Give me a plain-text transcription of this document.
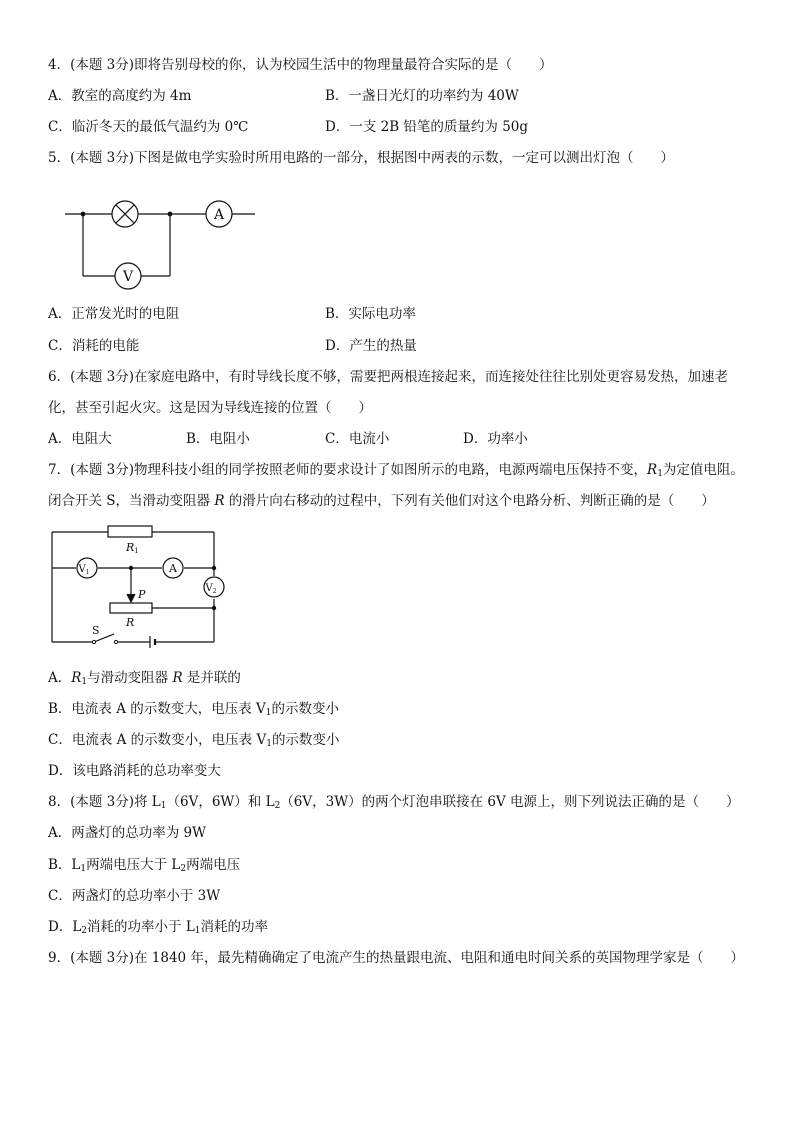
4．(本题 3分)即将告别母校的你，认为校园生活中的物理量最符合实际的是（　　）
A．教室的高度约为 4m	B．一盏日光灯的功率约为 40W
C．临沂冬天的最低气温约为 0℃	D．一支 2B 铅笔的质量约为 50g
5．(本题 3分)下图是做电学实验时所用电路的一部分，根据图中两表的示数，一定可以测出灯泡（　　）
A
V
A．正常发光时的电阻	B．实际电功率
C．消耗的电能	D．产生的热量
6．(本题 3分)在家庭电路中，有时导线长度不够，需要把两根连接起来，而连接处往往比别处更容易发热，加速老
化，甚至引起火灾。这是因为导线连接的位置（　　）
A．电阻大	B．电阻小	C．电流小	D．功率小
7．(本题 3分)物理科技小组的同学按照老师的要求设计了如图所示的电路，电源两端电压保持不变，$R_1$为定值电阻。
闭合开关 S，当滑动变阻器 R 的滑片向右移动的过程中，下列有关他们对这个电路分析、判断正确的是（　　）
R1
$V_1$	A
$V_2$
P
R
S
A．$R_1$与滑动变阻器 R 是并联的
B．电流表 A 的示数变大，电压表 $V_1$的示数变小
C．电流表 A 的示数变小，电压表 $V_1$的示数变小
D．该电路消耗的总功率变大
8．(本题 3分)将 $L_1(6V$，6W）和 $L_2(6V$，3W）的两个灯泡串联接在 6V 电源上，则下列说法正确的是（　　）
A．两盏灯的总功率为 9W
B．$L_1$两端电压大于 $L_2$两端电压
C．两盏灯的总功率小于 3W
D．$L_2$消耗的功率小于 $L_1$消耗的功率
9．(本题 3分)在 1840 年，最先精确确定了电流产生的热量跟电流、电阻和通电时间关系的英国物理学家是（　　）
